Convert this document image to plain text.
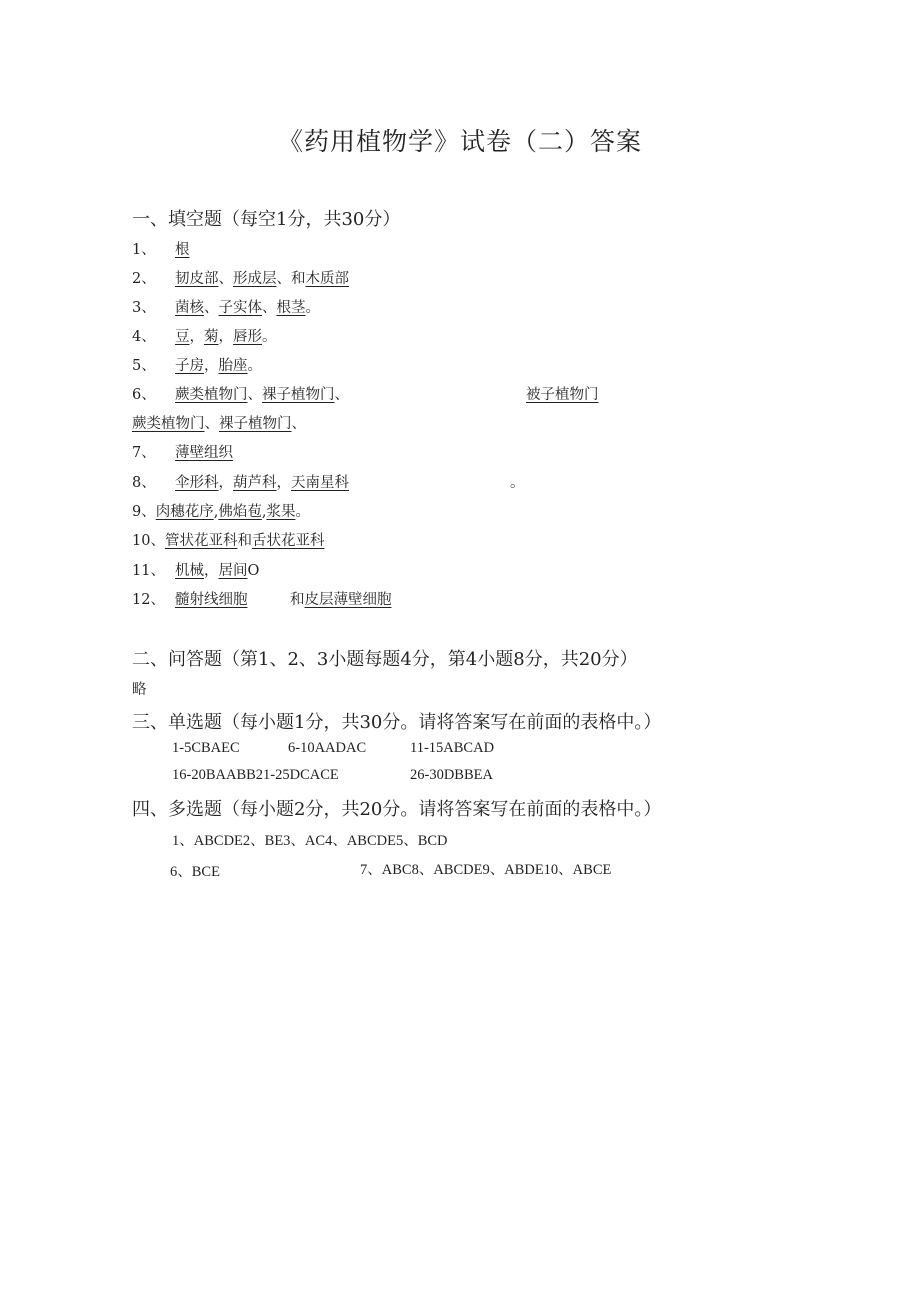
《药用植物学》试卷（二）答案
一、填空题（每空1分，共30分）
1、 根
2、 韧皮部、形成层、和木质部
3、 菌核、子实体、根茎。
4、 豆，菊，唇形。
5、 子房，胎座。
6、 蕨类植物门、裸子植物门、	被子植物门
蕨类植物门、裸子植物门、
7、 薄壁组织
8、 伞形科，葫芦科，天南星科	。
9、肉穗花序,佛焰苞,浆果。
10、管状花亚科和舌状花亚科
11、 机械，居间O
12、 髓射线细胞	和皮层薄壁细胞
二、问答题（第1、2、3小题每题4分，第4小题8分，共20分）
略
三、单选题（每小题1分，共30分。请将答案写在前面的表格中。）
1-5CBAEC	6-10AADAC	11-15ABCAD
16-20BAABB21-25DCACE	26-30DBBEA
四、多选题（每小题2分，共20分。请将答案写在前面的表格中。）
1、ABCDE2、BE3、AC4、ABCDE5、BCD
6、BCE	7、ABC8、ABCDE9、ABDE10、ABCE
